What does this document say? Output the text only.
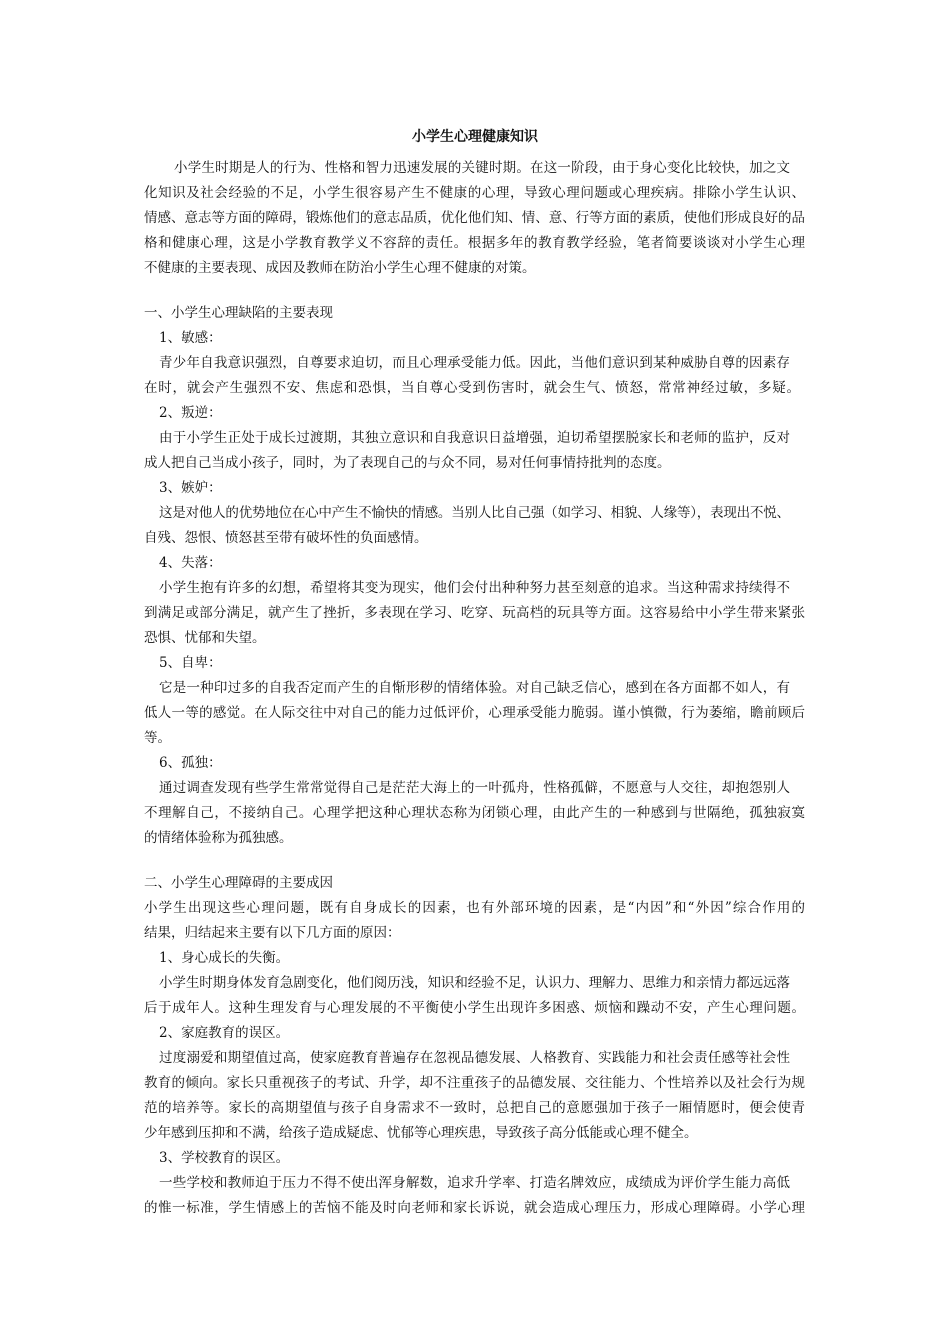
小学生心理健康知识
小学生时期是人的行为、性格和智力迅速发展的关键时期。在这一阶段，由于身心变化比较快，加之文
化知识及社会经验的不足，小学生很容易产生不健康的心理，导致心理问题或心理疾病。排除小学生认识、
情感、意志等方面的障碍，锻炼他们的意志品质，优化他们知、情、意、行等方面的素质，使他们形成良好的品
格和健康心理，这是小学教育教学义不容辞的责任。根据多年的教育教学经验，笔者简要谈谈对小学生心理
不健康的主要表现、成因及教师在防治小学生心理不健康的对策。
一、小学生心理缺陷的主要表现
1、敏感：
青少年自我意识强烈，自尊要求迫切，而且心理承受能力低。因此，当他们意识到某种威胁自尊的因素存
在时，就会产生强烈不安、焦虑和恐惧，当自尊心受到伤害时，就会生气、愤怒，常常神经过敏，多疑。
2、叛逆：
由于小学生正处于成长过渡期，其独立意识和自我意识日益增强，迫切希望摆脱家长和老师的监护，反对
成人把自己当成小孩子，同时，为了表现自己的与众不同，易对任何事情持批判的态度。
3、嫉妒：
这是对他人的优势地位在心中产生不愉快的情感。当别人比自己强（如学习、相貌、人缘等），表现出不悦、
自残、怨恨、愤怒甚至带有破坏性的负面感情。
4、失落：
小学生抱有许多的幻想，希望将其变为现实，他们会付出种种努力甚至刻意的追求。当这种需求持续得不
到满足或部分满足，就产生了挫折，多表现在学习、吃穿、玩高档的玩具等方面。这容易给中小学生带来紧张
恐惧、忧郁和失望。
5、自卑：
它是一种印过多的自我否定而产生的自惭形秽的情绪体验。对自己缺乏信心，感到在各方面都不如人，有
低人一等的感觉。在人际交往中对自己的能力过低评价，心理承受能力脆弱。谨小慎微，行为萎缩，瞻前顾后
等。
6、孤独：
通过调查发现有些学生常常觉得自己是茫茫大海上的一叶孤舟，性格孤僻，不愿意与人交往，却抱怨别人
不理解自己，不接纳自己。心理学把这种心理状态称为闭锁心理，由此产生的一种感到与世隔绝，孤独寂寞
的情绪体验称为孤独感。
二、小学生心理障碍的主要成因
小学生出现这些心理问题，既有自身成长的因素，也有外部环境的因素，是“内因”和“外因”综合作用的
结果，归结起来主要有以下几方面的原因：
1、身心成长的失衡。
小学生时期身体发育急剧变化，他们阅历浅，知识和经验不足，认识力、理解力、思维力和亲情力都远远落
后于成年人。这种生理发育与心理发展的不平衡使小学生出现许多困惑、烦恼和躁动不安，产生心理问题。
2、家庭教育的误区。
过度溺爱和期望值过高，使家庭教育普遍存在忽视品德发展、人格教育、实践能力和社会责任感等社会性
教育的倾向。家长只重视孩子的考试、升学，却不注重孩子的品德发展、交往能力、个性培养以及社会行为规
范的培养等。家长的高期望值与孩子自身需求不一致时，总把自己的意愿强加于孩子一厢情愿时，便会使青
少年感到压抑和不满，给孩子造成疑虑、忧郁等心理疾患，导致孩子高分低能或心理不健全。
3、学校教育的误区。
一些学校和教师迫于压力不得不使出浑身解数，追求升学率、打造名牌效应，成绩成为评价学生能力高低
的惟一标准，学生情感上的苦恼不能及时向老师和家长诉说，就会造成心理压力，形成心理障碍。小学心理
